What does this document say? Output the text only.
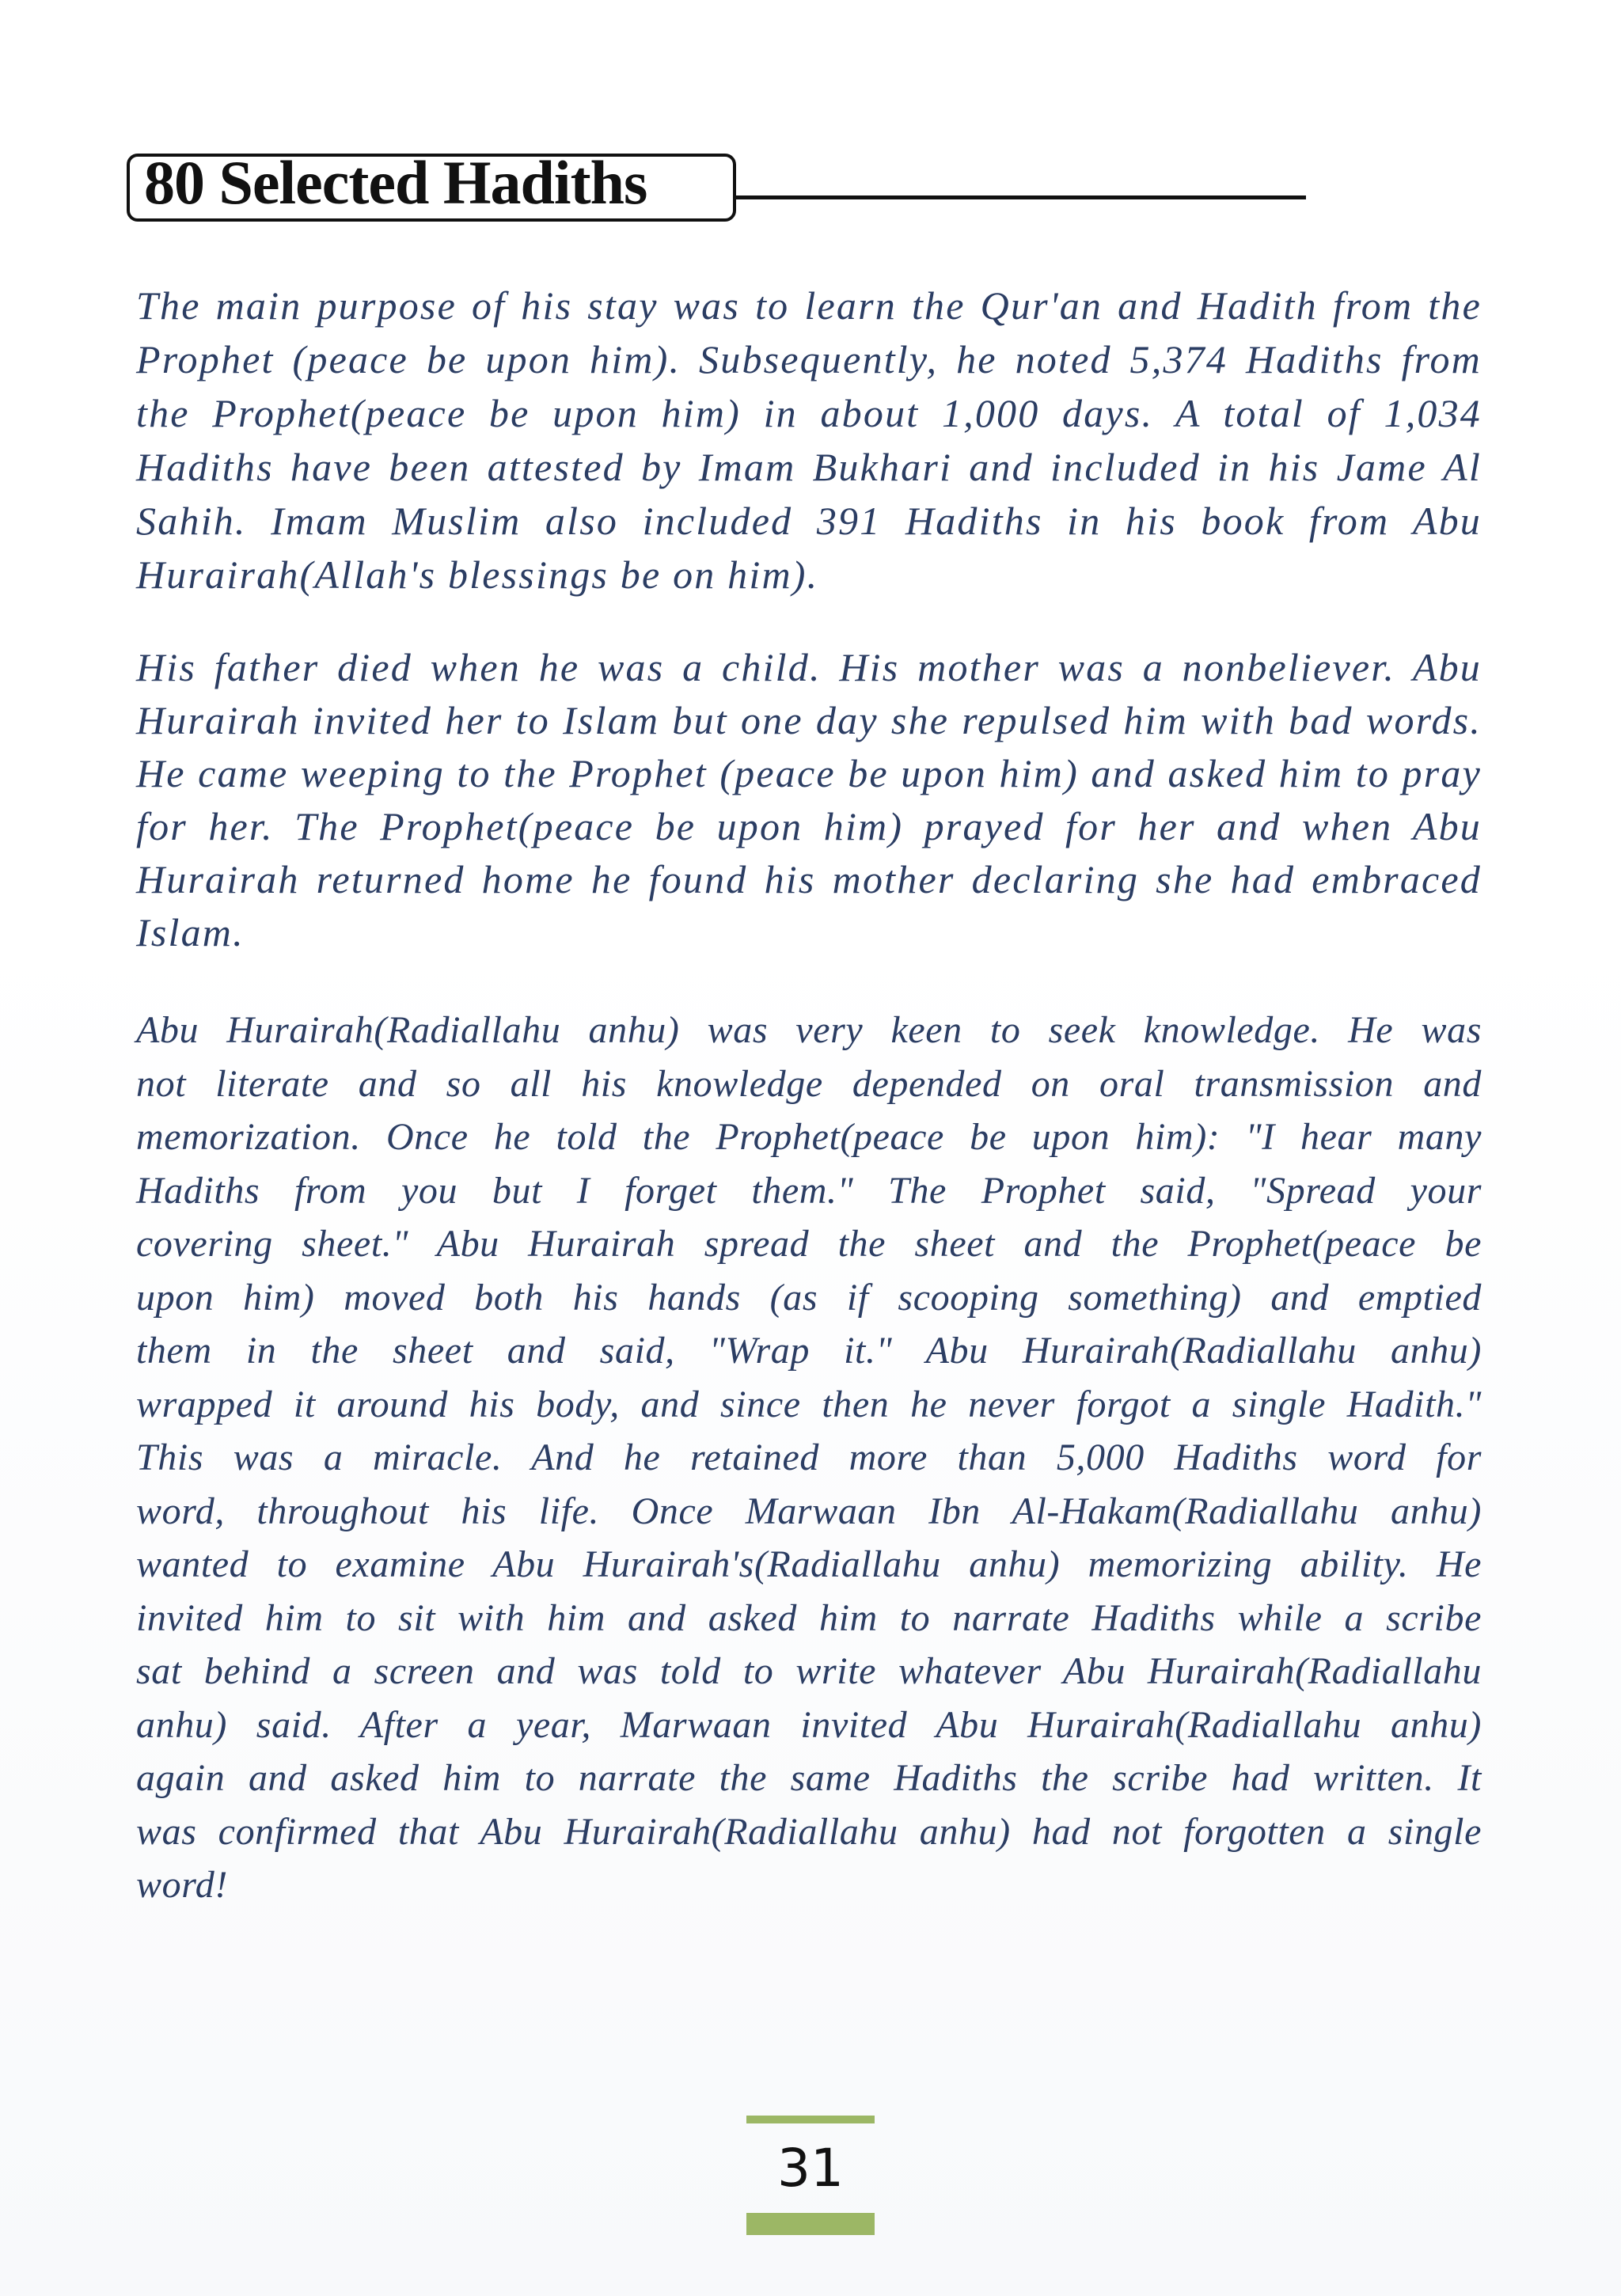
80 Selected Hadiths

The main purpose of his stay was to learn the Qur'an and Hadith from the Prophet (peace be upon him). Subsequently, he noted 5,374 Hadiths from the Prophet(peace be upon him) in about 1,000 days. A total of 1,034 Hadiths have been attested by Imam Bukhari and included in his Jame Al Sahih. Imam Muslim also included 391 Hadiths in his book from Abu Hurairah(Allah's blessings be on him).

His father died when he was a child. His mother was a nonbeliever. Abu Hurairah invited her to Islam but one day she repulsed him with bad words. He came weeping to the Prophet (peace be upon him) and asked him to pray for her. The Prophet(peace be upon him) prayed for her and when Abu Hurairah returned home he found his mother declaring she had embraced Islam.

Abu Hurairah(Radiallahu anhu) was very keen to seek knowledge. He was not literate and so all his knowledge depended on oral transmission and memorization. Once he told the Prophet(peace be upon him): "I hear many Hadiths from you but I forget them." The Prophet said, "Spread your covering sheet." Abu Hurairah spread the sheet and the Prophet(peace be upon him) moved both his hands (as if scooping something) and emptied them in the sheet and said, "Wrap it." Abu Hurairah(Radiallahu anhu) wrapped it around his body, and since then he never forgot a single Hadith." This was a miracle. And he retained more than 5,000 Hadiths word for word, throughout his life. Once Marwaan Ibn Al-Hakam(Radiallahu anhu) wanted to examine Abu Hurairah's(Radiallahu anhu) memorizing ability. He invited him to sit with him and asked him to narrate Hadiths while a scribe sat behind a screen and was told to write whatever Abu Hurairah(Radiallahu anhu) said. After a year, Marwaan invited Abu Hurairah(Radiallahu anhu) again and asked him to narrate the same Hadiths the scribe had written. It was confirmed that Abu Hurairah(Radiallahu anhu) had not forgotten a single word!

31
